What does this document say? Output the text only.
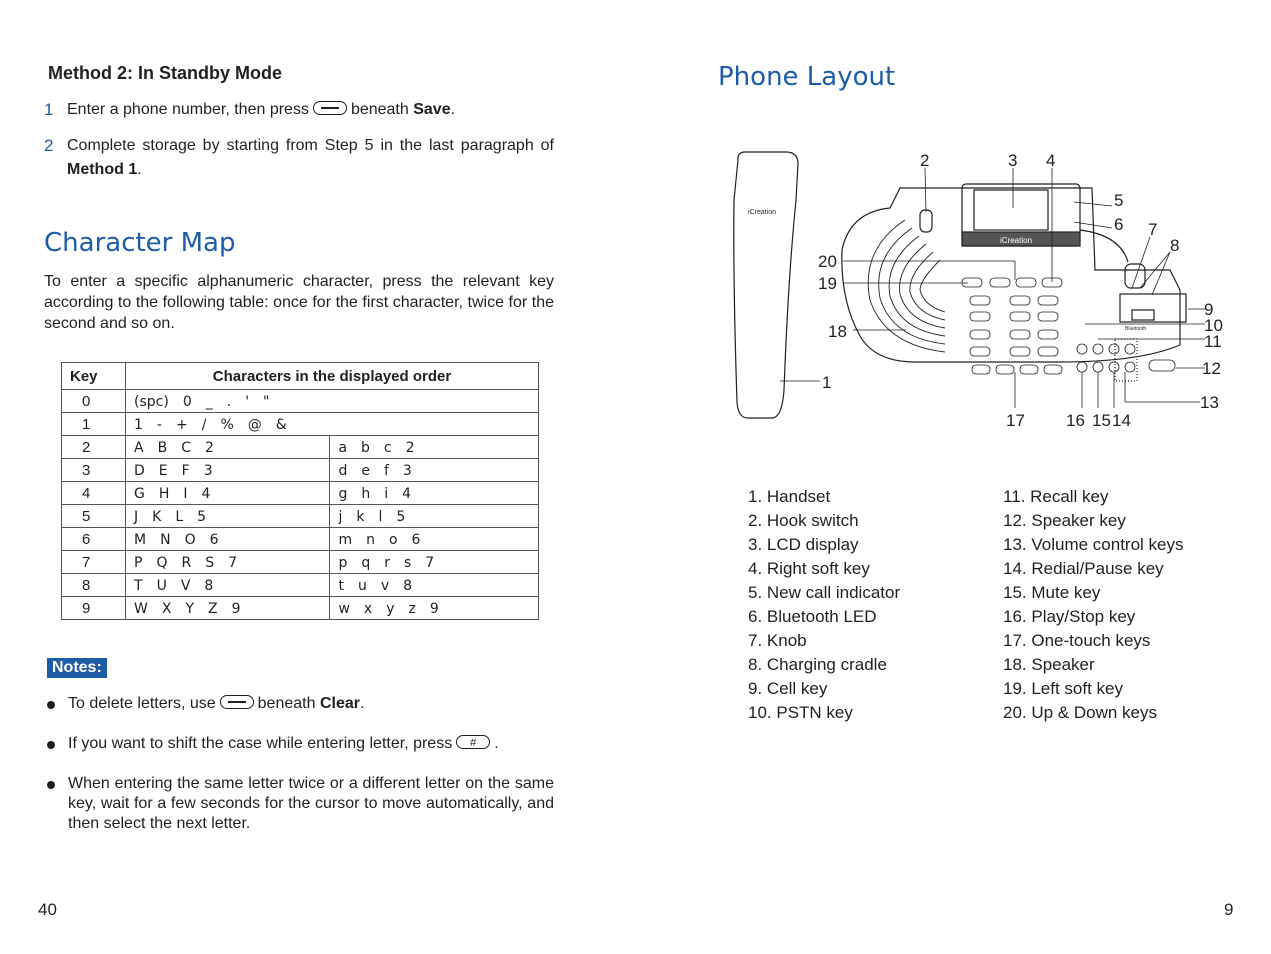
Method 2: In Standby Mode
1 Enter a phone number, then press	beneath Save.
2 Complete storage by starting from Step 5 in the last paragraph of Method 1.
Character Map
To enter a specific alphanumeric character, press the relevant key according to the following table: once for the first character, twice for the second and so on.
Key	Characters in the displayed order	
0	(spc) 0 _ . ' "	
1	1 - + / % @ &	
2	A B C 2	a b c 2
3	D E F 3	d e f 3
4	G H I 4	g h i 4
5	J K L 5	j k l 5
6	M N O 6	m n o 6
7	P Q R S 7	p q r s 7
8	T U V 8	t u v 8
9	W X Y Z 9	w x y z 9
Notes:
To delete letters, use	beneath Clear.
If you want to shift the case while entering letter, press	#	.
When entering the same letter twice or a different letter on the same key, wait for a few seconds for the cursor to move automatically, and then select the next letter.
40
Phone Layout
iCreation
iCreation
Bluetooth
2	3 4
5
6 7
8
9
10
11
12
13
14
15
16
17
18
19
20
1
1. Handset
2. Hook switch
3. LCD display
4. Right soft key
5. New call indicator
6. Bluetooth LED
7. Knob
8. Charging cradle
9. Cell key
10. PSTN key
11. Recall key
12. Speaker key
13. Volume control keys
14. Redial/Pause key
15. Mute key
16. Play/Stop key
17. One-touch keys
18. Speaker
19. Left soft key
20. Up & Down keys
9
